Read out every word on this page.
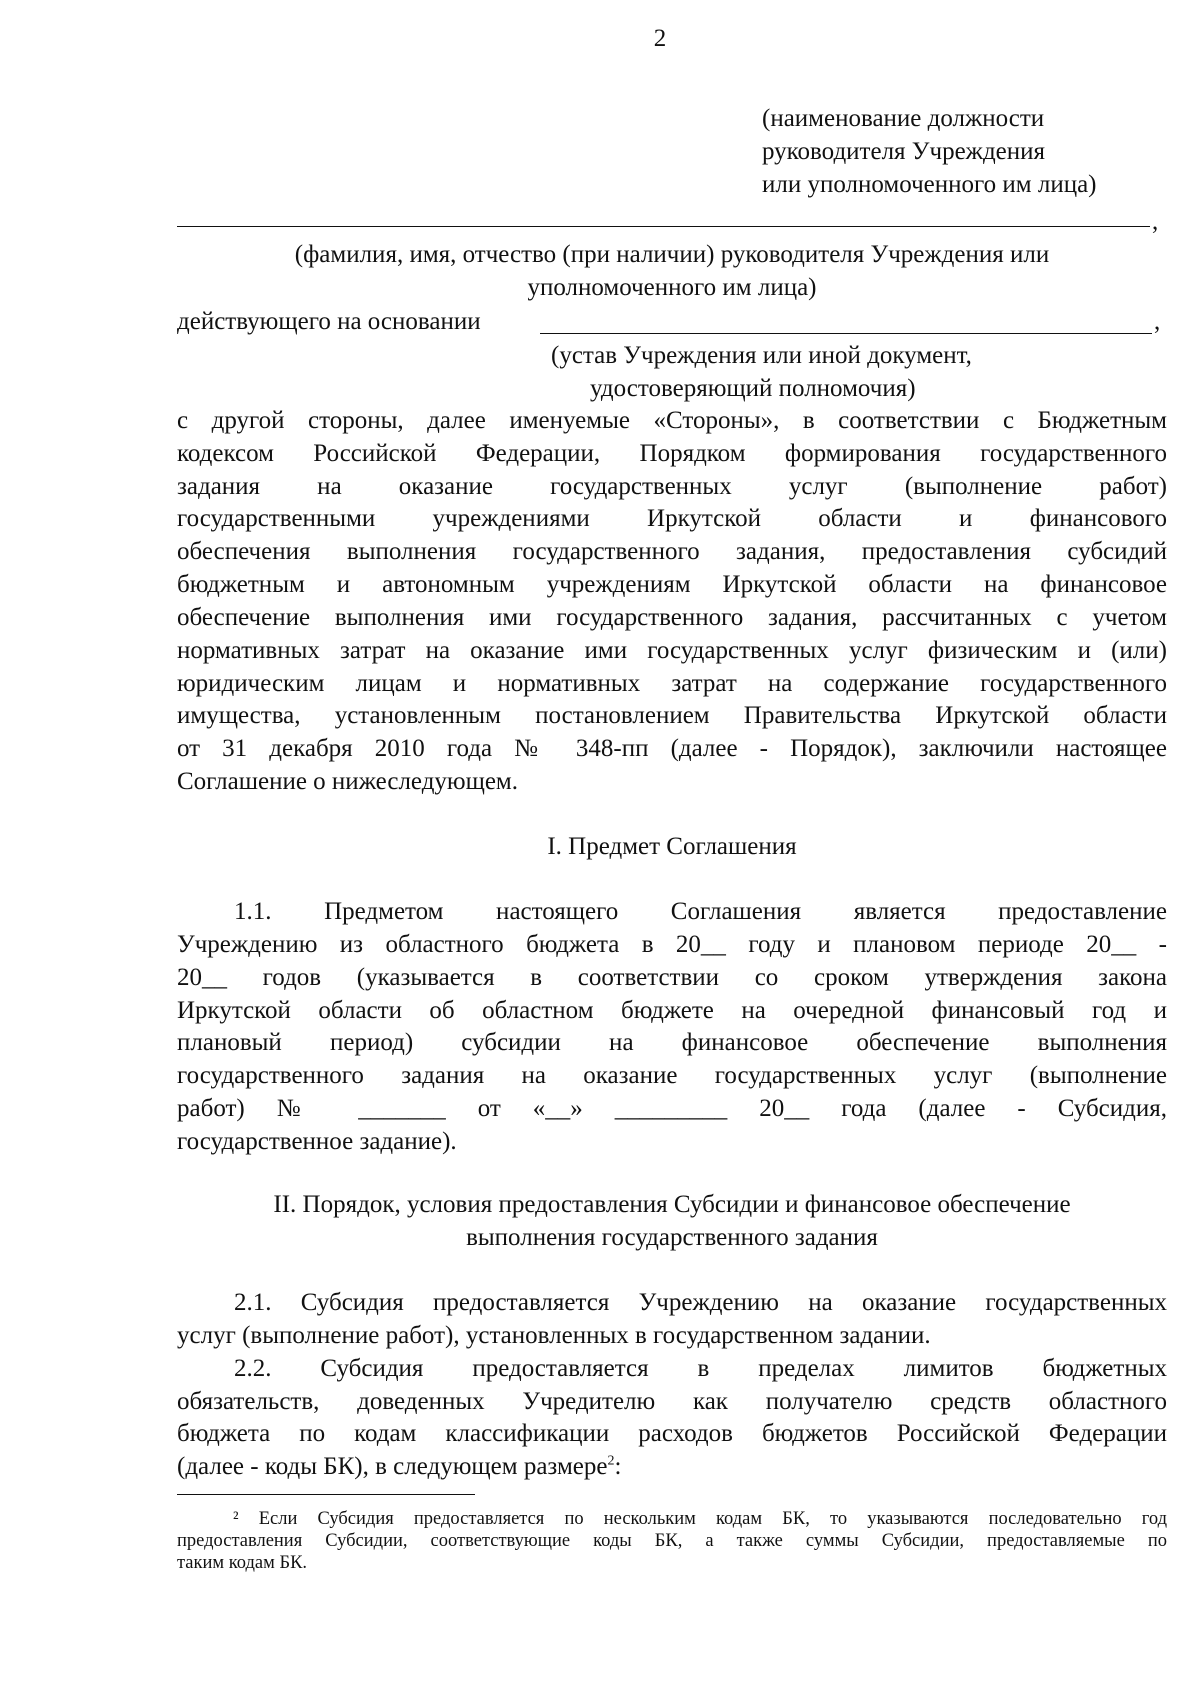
2
(наименование должности
руководителя Учреждения
или уполномоченного им лица)
,
(фамилия, имя, отчество (при наличии) руководителя Учреждения или
уполномоченного им лица)
действующего на основании	,
(устав Учреждения или иной документ,
удостоверяющий полномочия)
с другой стороны, далее именуемые «Стороны», в соответствии с Бюджетным
кодексом Российской Федерации, Порядком формирования государственного
задания на оказание государственных услуг (выполнение работ)
государственными учреждениями Иркутской области и финансового
обеспечения выполнения государственного задания, предоставления субсидий
бюджетным и автономным учреждениям Иркутской области на финансовое
обеспечение выполнения ими государственного задания, рассчитанных с учетом
нормативных затрат на оказание ими государственных услуг физическим и (или)
юридическим лицам и нормативных затрат на содержание государственного
имущества, установленным постановлением Правительства Иркутской области
от 31 декабря 2010 года № 348-пп (далее - Порядок), заключили настоящее
Соглашение о нижеследующем.
I. Предмет Соглашения
1.1. Предметом настоящего Соглашения является предоставление
Учреждению из областного бюджета в 20__ году и плановом периоде 20__ -
20__ годов (указывается в соответствии со сроком утверждения закона
Иркутской области об областном бюджете на очередной финансовый год и
плановый период) субсидии на финансовое обеспечение выполнения
государственного задания на оказание государственных услуг (выполнение
работ) № _______ от «__» _________ 20__ года (далее - Субсидия,
государственное задание).
II. Порядок, условия предоставления Субсидии и финансовое обеспечение
выполнения государственного задания
2.1. Субсидия предоставляется Учреждению на оказание государственных
услуг (выполнение работ), установленных в государственном задании.
2.2. Субсидия предоставляется в пределах лимитов бюджетных
обязательств, доведенных Учредителю как получателю средств областного
бюджета по кодам классификации расходов бюджетов Российской Федерации
(далее - коды БК), в следующем размере$^2$:
² Если Субсидия предоставляется по нескольким кодам БК, то указываются последовательно год
предоставления Субсидии, соответствующие коды БК, а также суммы Субсидии, предоставляемые по
таким кодам БК.
